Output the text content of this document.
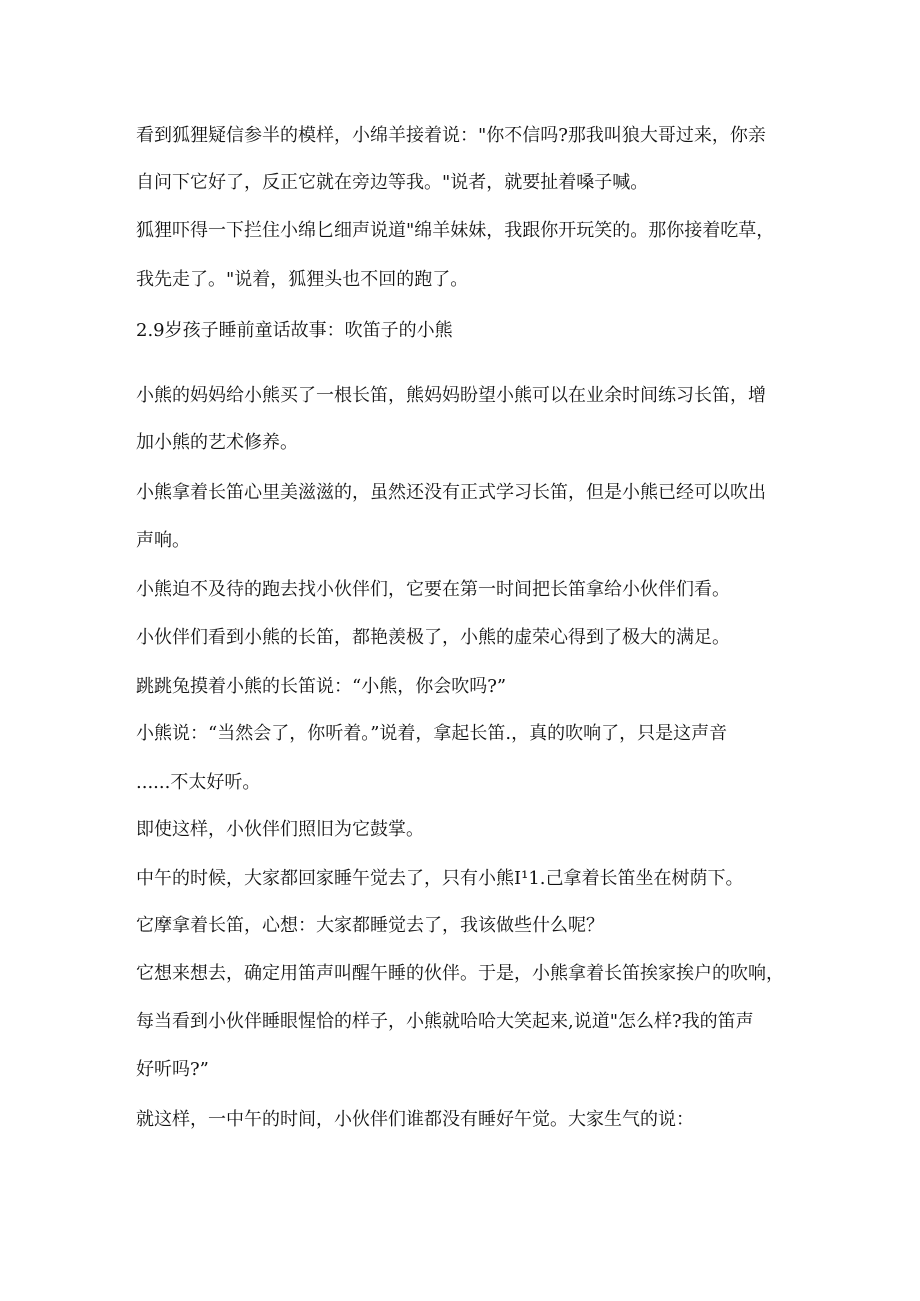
看到狐狸疑信参半的模样，小绵羊接着说："你不信吗?那我叫狼大哥过来，你亲
自问下它好了，反正它就在旁边等我。"说者，就要扯着嗓子喊。
狐狸吓得一下拦住小绵匕细声说道"绵羊妹妹，我跟你开玩笑的。那你接着吃草，
我先走了。"说着，狐狸头也不回的跑了。
2.9岁孩子睡前童话故事：吹笛子的小熊
小熊的妈妈给小熊买了一根长笛，熊妈妈盼望小熊可以在业余时间练习长笛，增
加小熊的艺术修养。
小熊拿着长笛心里美滋滋的，虽然还没有正式学习长笛，但是小熊已经可以吹出
声响。
小熊迫不及待的跑去找小伙伴们，它要在第一时间把长笛拿给小伙伴们看。
小伙伴们看到小熊的长笛，都艳羡极了，小熊的虚荣心得到了极大的满足。
跳跳兔摸着小熊的长笛说：“小熊，你会吹吗?”
小熊说：“当然会了，你听着。”说着，拿起长笛.，真的吹响了，只是这声音
......不太好听。
即使这样，小伙伴们照旧为它鼓掌。
中午的时候，大家都回家睡午觉去了，只有小熊I¹1.己拿着长笛坐在树荫下。
它摩拿着长笛，心想：大家都睡觉去了，我该做些什么呢？
它想来想去，确定用笛声叫醒午睡的伙伴。于是，小熊拿着长笛挨家挨户的吹响，
每当看到小伙伴睡眼惺恰的样子，小熊就哈哈大笑起来,说道"怎么样?我的笛声
好听吗?”
就这样，一中午的时间，小伙伴们谁都没有睡好午觉。大家生气的说：
